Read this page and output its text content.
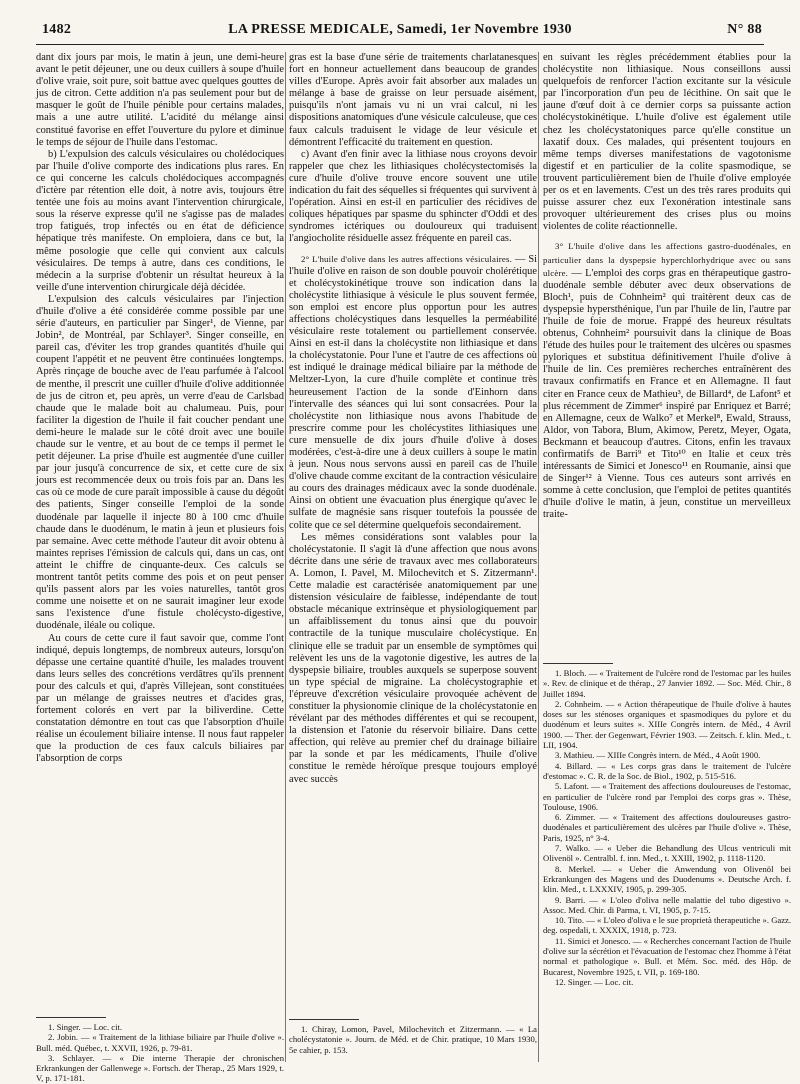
1482	LA PRESSE MEDICALE, Samedi, 1er Novembre 1930	N° 88

dant dix jours par mois, le matin à jeun, une demi-heure avant le petit déjeuner, une ou deux cuillers à soupe d'huile d'olive vraie, soit pure, soit battue avec quelques gouttes de jus de citron. Cette addition n'a pas seulement pour but de masquer le goût de l'huile pénible pour certains malades, mais a une autre utilité. L'acidité du mélange ainsi constitué favorise en effet l'ouverture du pylore et diminue le temps de séjour de l'huile dans l'estomac.

b) L'expulsion des calculs vésiculaires ou cholédociques par l'huile d'olive comporte des indications plus rares. En ce qui concerne les calculs cholédociques accompagnés d'ictère par rétention elle doit, à notre avis, toujours être tentée une fois au moins avant l'intervention chirurgicale, sous la réserve expresse qu'il ne s'agisse pas de malades trop fatigués, trop infectés ou en état de déficience hépatique très manifeste. On emploiera, dans ce but, la même posologie que celle qui convient aux calculs vésiculaires. De temps à autre, dans ces conditions, le médecin a la surprise d'obtenir un résultat heureux à la veille d'une intervention chirurgicale déjà décidée.

L'expulsion des calculs vésiculaires par l'injection d'huile d'olive a été considérée comme possible par une série d'auteurs, en particulier par Singer¹, de Vienne, par Jobin², de Montréal, par Schlayer³. Singer conseille, en pareil cas, d'éviter les trop grandes quantités d'huile qui coupent l'appétit et ne peuvent être continuées longtemps. Après rinçage de bouche avec de l'eau parfumée à l'alcool de menthe, il prescrit une cuiller d'huile d'olive additionnée de jus de citron et, peu après, un verre d'eau de Carlsbad chaude que le malade boit au chalumeau. Puis, pour faciliter la digestion de l'huile il fait coucher pendant une demi-heure le malade sur le côté droit avec une bouile chaude sur le ventre, et au bout de ce temps il permet le petit déjeuner. La prise d'huile est augmentée d'une cuiller par jour jusqu'à concurrence de six, et cette cure de six jours est recommencée deux ou trois fois par an. Dans les cas où ce mode de cure paraît impossible à cause du dégoût des patients, Singer conseille l'emploi de la sonde duodénale par laquelle il injecte 80 à 100 cmc d'huile chaude dans le duodénum, le matin à jeun et plusieurs fois par semaine. Avec cette méthode l'auteur dit avoir obtenu à maintes reprises l'émission de calculs qui, dans un cas, ont atteint le chiffre de cinquante-deux. Ces calculs se montrent tantôt petits comme des pois et on peut penser qu'ils passent alors par les voies naturelles, tantôt gros comme une noisette et on ne saurait imaginer leur exode sans l'existence d'une fistule cholécysto-digestive, duodénale, iléale ou colique.

Au cours de cette cure il faut savoir que, comme l'ont indiqué, depuis longtemps, de nombreux auteurs, lorsqu'on dépasse une certaine quantité d'huile, les malades trouvent dans leurs selles des concrétions verdâtres qu'ils prennent pour des calculs et qui, d'après Villejean, sont constituées par un mélange de graisses neutres et d'acides gras, fortement colorés en vert par la biliverdine. Cette constatation démontre en tout cas que l'absorption d'huile réalise un écoulement biliaire intense. Il nous faut rappeler que la production de ces faux calculs biliaires par l'absorption de corps

1. Singer. — Loc. cit.
2. Jobin. — « Traitement de la lithiase biliaire par l'huile d'olive ». Bull. méd. Québec, t. XXVII, 1926, p. 79-81.
3. Schlayer. — « Die interne Therapie der chronischen Erkrankungen der Gallenwege ». Fortsch. der Therap., 25 Mars 1929, t. V, p. 171-181.

gras est la base d'une série de traitements charlatanesques fort en honneur actuellement dans beaucoup de grandes villes d'Europe. Après avoir fait absorber aux malades un mélange à base de graisse on leur persuade aisément, puisqu'ils n'ont jamais vu ni un vrai calcul, ni les dispositions anatomiques d'une vésicule calculeuse, que ces faux calculs traduisent le vidage de leur vésicule et démontrent l'efficacité du traitement en question.

c) Avant d'en finir avec la lithiase nous croyons devoir rappeler que chez les lithiasiques cholécystectomisés la cure d'huile d'olive trouve encore souvent une utile indication du fait des séquelles si fréquentes qui survivent à l'opération. Ainsi en est-il en particulier des récidives de coliques hépatiques par spasme du sphincter d'Oddi et des syndromes ictériques ou douloureux qui traduisent l'angiocholite résiduelle assez fréquente en pareil cas.

2° L'huile d'olive dans les autres affections vésiculaires. — Si l'huile d'olive en raison de son double pouvoir cholérétique et cholécystokinétique trouve son indication dans la cholécystite lithiasique à vésicule le plus souvent fermée, son emploi est encore plus opportun pour les autres affections cholécystiques dans lesquelles la perméabilité vésiculaire reste totalement ou partiellement conservée. Ainsi en est-il dans la cholécystite non lithiasique et dans la cholécystatonie. Pour l'une et l'autre de ces affections où est indiqué le drainage médical biliaire par la méthode de Meltzer-Lyon, la cure d'huile complète et continue très heureusement l'action de la sonde d'Einhorn dans l'intervalle des séances qui lui sont consacrées. Pour la cholécystite non lithiasique nous avons l'habitude de prescrire comme pour les cholécystites lithiasiques une cure mensuelle de dix jours d'huile d'olive à doses modérées, c'est-à-dire une à deux cuillers à soupe le matin à jeun. Nous nous servons aussi en pareil cas de l'huile d'olive chaude comme excitant de la contraction vésiculaire au cours des drainages médicaux avec la sonde duodénale. Ainsi on obtient une évacuation plus énergique qu'avec le sulfate de magnésie sans risquer toutefois la poussée de colite que ce sel détermine quelquefois secondairement.

Les mêmes considérations sont valables pour la cholécystatonie. Il s'agit là d'une affection que nous avons décrite dans une série de travaux avec mes collaborateurs A. Lomon, I. Pavel, M. Milochevitch et S. Zitzermann¹. Cette maladie est caractérisée anatomiquement par une distension vésiculaire de faiblesse, indépendante de tout obstacle mécanique extrinsèque et physiologiquement par un affaiblissement du tonus ainsi que du pouvoir contractile de la tunique musculaire cholécystique. En clinique elle se traduit par un ensemble de symptômes qui relèvent les uns de la vagotonie digestive, les autres de la dyspepsie biliaire, troubles auxquels se superpose souvent un type spécial de migraine. La cholécystographie et l'épreuve d'excrétion vésiculaire provoquée achèvent de constituer la physionomie clinique de la cholécystatonie en révélant par des méthodes différentes et qui se recoupent, la distension et l'atonie du réservoir biliaire. Dans cette affection, qui relève au premier chef du drainage biliaire par la sonde et par les médicaments, l'huile d'olive constitue le remède héroïque presque toujours employé avec succès

1. Chiray, Lomon, Pavel, Milochevitch et Zitzermann. — « La cholécystatonie ». Journ. de Méd. et de Chir. pratique, 10 Mars 1930, 5e cahier, p. 153.

en suivant les règles précédemment établies pour la cholécystite non lithiasique. Nous conseillons aussi quelquefois de renforcer l'action excitante sur la vésicule par l'incorporation d'un peu de lécithine. On sait que le jaune d'œuf doit à ce dernier corps sa puissante action cholécystokinétique. L'huile d'olive est également utile chez les cholécystatoniques parce qu'elle constitue un laxatif doux. Ces malades, qui présentent toujours en même temps diverses manifestations de vagotonisme digestif et en particulier de la colite spasmodique, se trouvent particulièrement bien de l'huile d'olive employée per os et en lavements. C'est un des très rares produits qui puisse assurer chez eux l'exonération intestinale sans provoquer ultérieurement des crises plus ou moins violentes de colite réactionnelle.

3° L'huile d'olive dans les affections gastro-duodénales, en particulier dans la dyspepsie hyperchlorhydrique avec ou sans ulcère. — L'emploi des corps gras en thérapeutique gastro-duodénale semble débuter avec deux observations de Bloch¹, puis de Cohnheim² qui traitèrent deux cas de dyspepsie hypersthénique, l'un par l'huile de lin, l'autre par l'huile de foie de morue. Frappé des heureux résultats obtenus, Cohnheim² poursuivit dans la clinique de Boas l'étude des huiles pour le traitement des ulcères ou spasmes pyloriques et substitua définitivement l'huile d'olive à l'huile de lin. Ces premières recherches entraînèrent des travaux confirmatifs en France et en Allemagne. Il faut citer en France ceux de Mathieu³, de Billard⁴, de Lafont⁵ et plus récemment de Zimmer⁶ inspiré par Enriquez et Barré; en Allemagne, ceux de Walko⁷ et Merkel⁸, Ewald, Strauss, Aldor, von Tabora, Blum, Akimow, Peretz, Meyer, Ogata, Beckmann et beaucoup d'autres. Citons, enfin les travaux confirmatifs de Barri⁹ et Tito¹⁰ en Italie et ceux très intéressants de Simici et Jonesco¹¹ en Roumanie, ainsi que de Singer¹² à Vienne. Tous ces auteurs sont arrivés en somme à cette conclusion, que l'emploi de petites quantités d'huile d'olive le matin, à jeun, constitue un merveilleux traite-

1. Bloch. — « Traitement de l'ulcère rond de l'estomac par les huiles ». Rev. de clinique et de thérap., 27 Janvier 1892. — Soc. Méd. Chir., 8 Juillet 1894.
2. Cohnheim. — « Action thérapeutique de l'huile d'olive à hautes doses sur les sténoses organiques et spasmodiques du pylore et du duodénum et leurs suites ». XIIIe Congrès intern. de Méd., 4 Avril 1900. — Ther. der Gegenwart, Février 1903. — Zeitsch. f. klin. Med., t. LII, 1904.
3. Mathieu. — XIIIe Congrès intern. de Méd., 4 Août 1900.
4. Billard. — « Les corps gras dans le traitement de l'ulcère d'estomac ». C. R. de la Soc. de Biol., 1902, p. 515-516.
5. Lafont. — « Traitement des affections douloureuses de l'estomac, en particulier de l'ulcère rond par l'emploi des corps gras ». Thèse, Toulouse, 1906.
6. Zimmer. — « Traitement des affections douloureuses gastro-duodénales et particulièrement des ulcères par l'huile d'olive ». Thèse, Paris, 1925, n° 3-4.
7. Walko. — « Ueber die Behandlung des Ulcus ventriculi mit Olivenöl ». Centralbl. f. inn. Med., t. XXIII, 1902, p. 1118-1120.
8. Merkel. — « Ueber die Anwendung von Olivenöl bei Erkrankungen des Magens und des Duodenums ». Deutsche Arch. f. klin. Med., t. LXXXIV, 1905, p. 299-305.
9. Barri. — « L'oleo d'oliva nelle malattie del tubo digestivo ». Assoc. Med. Chir. di Parma, t. VI, 1905, p. 7-15.
10. Tito. — « L'oleo d'oliva e le sue proprietà therapeutiche ». Gazz. deg. ospedali, t. XXXIX, 1918, p. 723.
11. Simici et Jonesco. — « Recherches concernant l'action de l'huile d'olive sur la sécrétion et l'évacuation de l'estomac chez l'homme à l'état normal et pathologique ». Bull. et Mém. Soc. méd. des Hôp. de Bucarest, Novembre 1925, t. VII, p. 169-180.
12. Singer. — Loc. cit.
